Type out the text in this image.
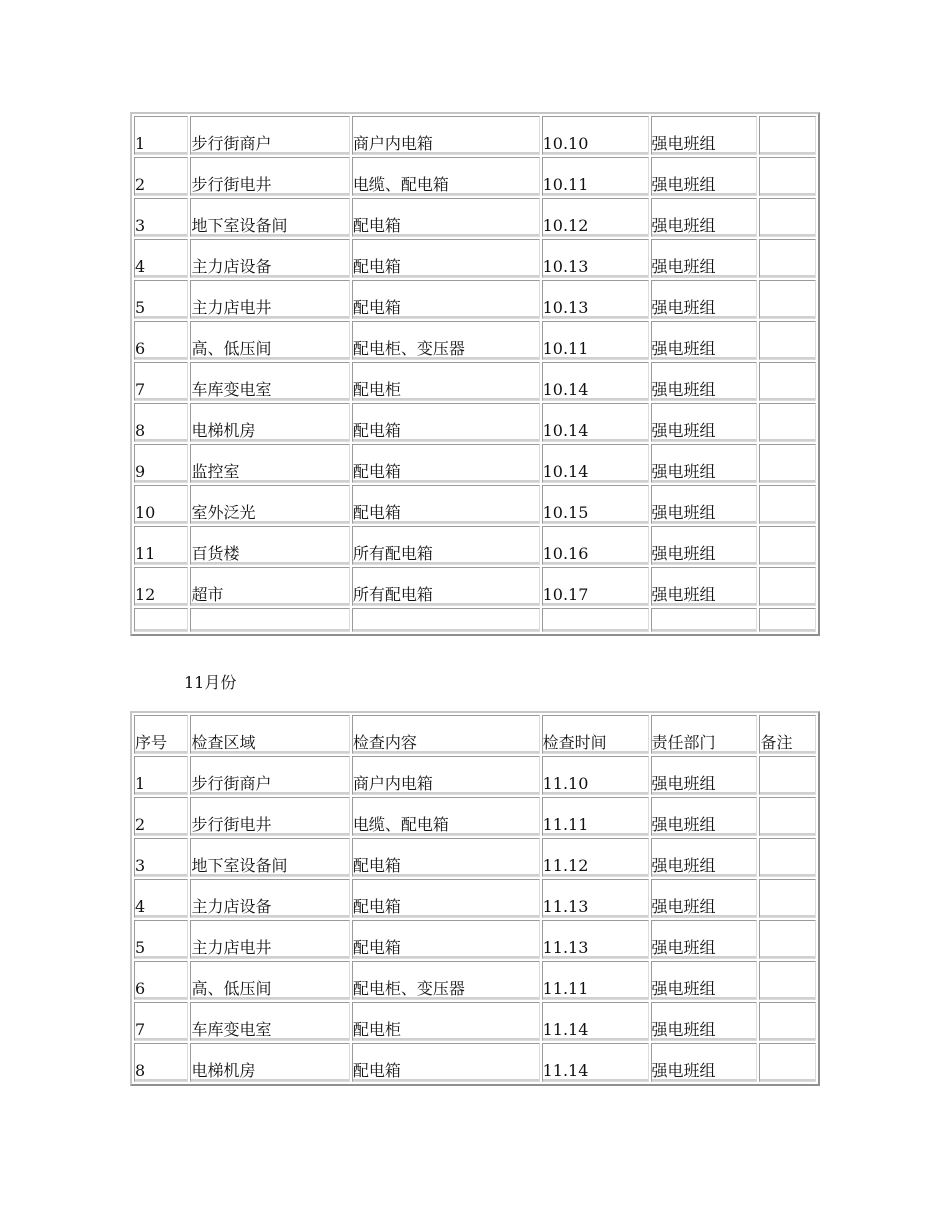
1	步行街商户	商户内电箱	10.10	强电班组	
2	步行街电井	电缆、配电箱	10.11	强电班组	
3	地下室设备间	配电箱	10.12	强电班组	
4	主力店设备	配电箱	10.13	强电班组	
5	主力店电井	配电箱	10.13	强电班组	
6	高、低压间	配电柜、变压器	10.11	强电班组	
7	车库变电室	配电柜	10.14	强电班组	
8	电梯机房	配电箱	10.14	强电班组	
9	监控室	配电箱	10.14	强电班组	
10	室外泛光	配电箱	10.15	强电班组	
11	百货楼	所有配电箱	10.16	强电班组	
12	超市	所有配电箱	10.17	强电班组	

11月份
序号	检查区域	检查内容	检查时间	责任部门	备注
1	步行街商户	商户内电箱	11.10	强电班组	
2	步行街电井	电缆、配电箱	11.11	强电班组	
3	地下室设备间	配电箱	11.12	强电班组	
4	主力店设备	配电箱	11.13	强电班组	
5	主力店电井	配电箱	11.13	强电班组	
6	高、低压间	配电柜、变压器	11.11	强电班组	
7	车库变电室	配电柜	11.14	强电班组	
8	电梯机房	配电箱	11.14	强电班组	
